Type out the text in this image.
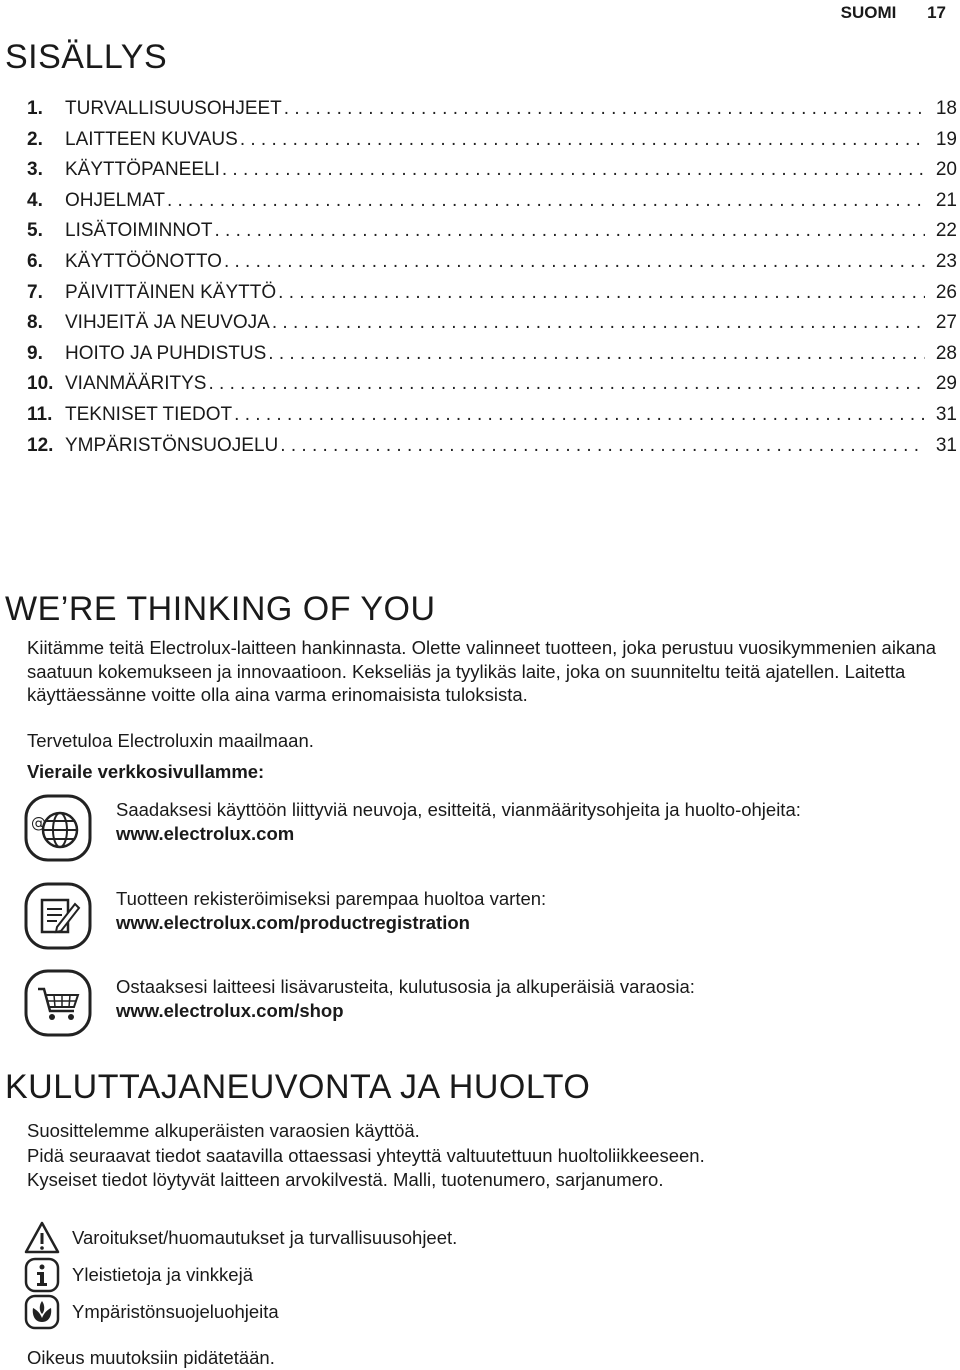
SUOMI 17
SISÄLLYS
1.	TURVALLISUUSOHJEET . . .	18
2.	LAITTEEN KUVAUS . . .	19
3.	KÄYTTÖPANEELI . . .	20
4.	OHJELMAT . . .	21
5.	LISÄTOIMINNOT . . .	22
6.	KÄYTTÖÖNOTTO . . .	23
7.	PÄIVITTÄINEN KÄYTTÖ . . .	26
8.	VIHJEITÄ JA NEUVOJA . . .	27
9.	HOITO JA PUHDISTUS . . .	28
10. VIANMÄÄRITYS . . .	29
11. TEKNISET TIEDOT . . .	31
12. YMPÄRISTÖNSUOJELU . . .	31
WE’RE THINKING OF YOU
Kiitämme teitä Electrolux-laitteen hankinnasta. Olette valinneet tuotteen, joka perustuu vuosikymmenien aikana saatuun kokemukseen ja innovaatioon. Kekseliäs ja tyylikäs laite, joka on suunniteltu teitä ajatellen. Laitetta käyttäessänne voitte olla aina varma erinomaisista tuloksista.
Tervetuloa Electroluxin maailmaan.
Vieraile verkkosivullamme:
@
Saadaksesi käyttöön liittyviä neuvoja, esitteitä, vianmääritysohjeita ja huolto-ohjeita:
www.electrolux.com
Tuotteen rekisteröimiseksi parempaa huoltoa varten:
www.electrolux.com/productregistration
Ostaaksesi laitteesi lisävarusteita, kulutusosia ja alkuperäisiä varaosia:
www.electrolux.com/shop
KULUTTAJANEUVONTA JA HUOLTO
Suosittelemme alkuperäisten varaosien käyttöä.
Pidä seuraavat tiedot saatavilla ottaessasi yhteyttä valtuutettuun huoltoliikkeeseen.
Kyseiset tiedot löytyvät laitteen arvokilvestä. Malli, tuotenumero, sarjanumero.
Varoitukset/huomautukset ja turvallisuusohjeet.
Yleistietoja ja vinkkejä
Ympäristönsuojeluohjeita
Oikeus muutoksiin pidätetään.
